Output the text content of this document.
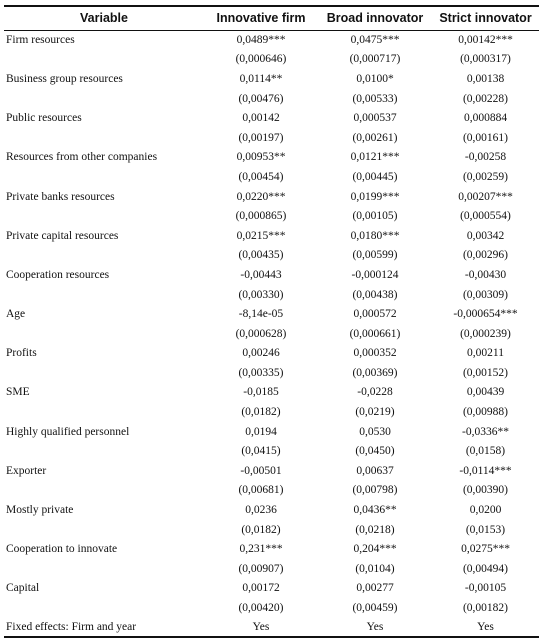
Variable	Innovative firm	Broad innovator	Strict innovator
Firm resources	0,0489***	0,0475***	0,00142***
	(0,000646)	(0,000717)	(0,000317)
Business group resources	0,0114**	0,0100*	0,00138
	(0,00476)	(0,00533)	(0,00228)
Public resources	0,00142	0,000537	0,000884
	(0,00197)	(0,00261)	(0,00161)
Resources from other companies	0,00953**	0,0121***	-0,00258
	(0,00454)	(0,00445)	(0,00259)
Private banks resources	0,0220***	0,0199***	0,00207***
	(0,000865)	(0,00105)	(0,000554)
Private capital resources	0,0215***	0,0180***	0,00342
	(0,00435)	(0,00599)	(0,00296)
Cooperation resources	-0,00443	-0,000124	-0,00430
	(0,00330)	(0,00438)	(0,00309)
Age	-8,14e-05	0,000572	-0,000654***
	(0,000628)	(0,000661)	(0,000239)
Profits	0,00246	0,000352	0,00211
	(0,00335)	(0,00369)	(0,00152)
SME	-0,0185	-0,0228	0,00439
	(0,0182)	(0,0219)	(0,00988)
Highly qualified personnel	0,0194	0,0530	-0,0336**
	(0,0415)	(0,0450)	(0,0158)
Exporter	-0,00501	0,00637	-0,0114***
	(0,00681)	(0,00798)	(0,00390)
Mostly private	0,0236	0,0436**	0,0200
	(0,0182)	(0,0218)	(0,0153)
Cooperation to innovate	0,231***	0,204***	0,0275***
	(0,00907)	(0,0104)	(0,00494)
Capital	0,00172	0,00277	-0,00105
	(0,00420)	(0,00459)	(0,00182)
Fixed effects: Firm and year	Yes	Yes	Yes
